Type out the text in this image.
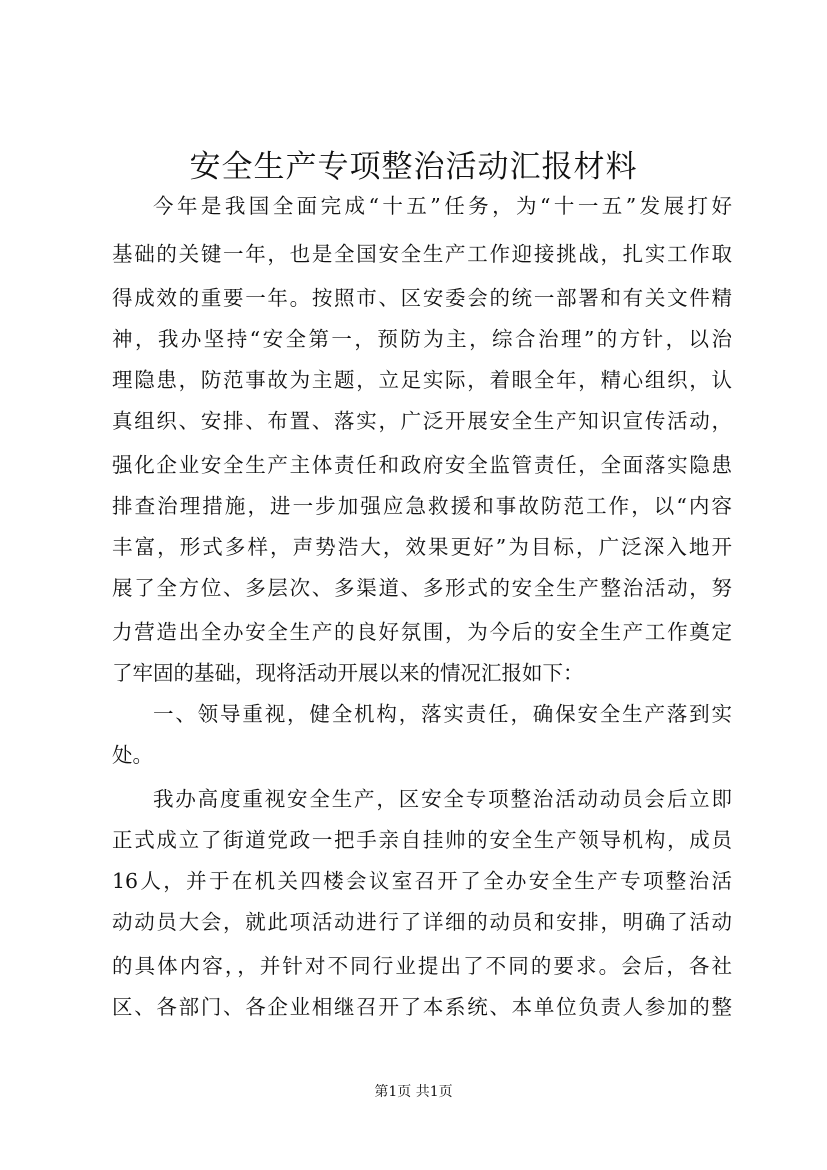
安全生产专项整治活动汇报材料
今年是我国全面完成“十五”任务，为“十一五”发展打好
基础的关键一年，也是全国安全生产工作迎接挑战，扎实工作取
得成效的重要一年。按照市、区安委会的统一部署和有关文件精
神，我办坚持“安全第一，预防为主，综合治理”的方针，以治
理隐患，防范事故为主题，立足实际，着眼全年，精心组织，认
真组织、安排、布置、落实，广泛开展安全生产知识宣传活动，
强化企业安全生产主体责任和政府安全监管责任，全面落实隐患
排查治理措施，进一步加强应急救援和事故防范工作，以“内容
丰富，形式多样，声势浩大，效果更好”为目标，广泛深入地开
展了全方位、多层次、多渠道、多形式的安全生产整治活动，努
力营造出全办安全生产的良好氛围，为今后的安全生产工作奠定
了牢固的基础，现将活动开展以来的情况汇报如下：
一、领导重视，健全机构，落实责任，确保安全生产落到实
处。
我办高度重视安全生产，区安全专项整治活动动员会后立即
正式成立了街道党政一把手亲自挂帅的安全生产领导机构，成员
16人，并于在机关四楼会议室召开了全办安全生产专项整治活
动动员大会，就此项活动进行了详细的动员和安排，明确了活动
的具体内容，，并针对不同行业提出了不同的要求。会后，各社
区、各部门、各企业相继召开了本系统、本单位负责人参加的整
第1页 共1页
